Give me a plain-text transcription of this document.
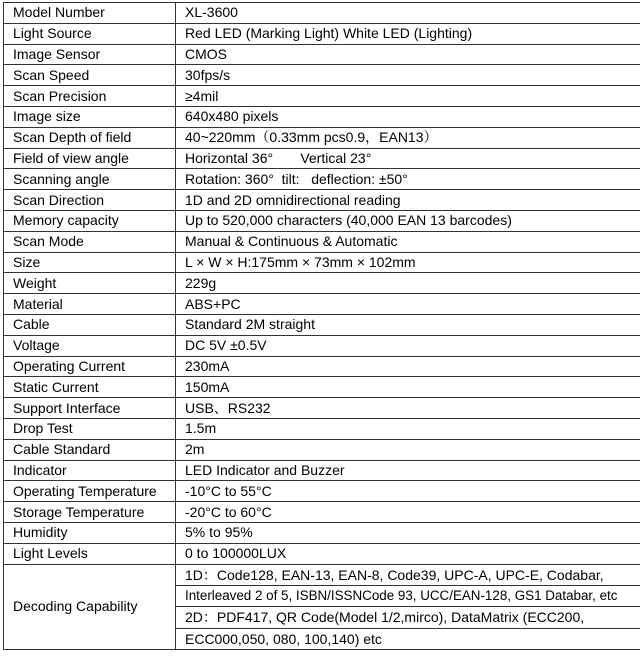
Model Number	XL-3600
Light Source	Red LED (Marking Light) White LED (Lighting)
Image Sensor	CMOS
Scan Speed	30fps/s
Scan Precision	≥4mil
Image size	640x480 pixels
Scan Depth of field	40~220mm（0.33mm pcs0.9，EAN13）
Field of view angle	Horizontal 36°       Vertical 23°
Scanning angle	Rotation: 360°  tilt:   deflection: ±50°
Scan Direction	1D and 2D omnidirectional reading
Memory capacity	Up to 520,000 characters (40,000 EAN 13 barcodes)
Scan Mode	Manual & Continuous & Automatic
Size	L × W × H:175mm × 73mm × 102mm
Weight	229g
Material	ABS+PC
Cable	Standard 2M straight
Voltage	DC 5V ±0.5V
Operating Current	230mA
Static Current	150mA
Support Interface	USB、RS232
Drop Test	1.5m
Cable Standard	2m
Indicator	LED Indicator and Buzzer
Operating Temperature	-10°C to 55°C
Storage Temperature	-20°C to 60°C
Humidity	5% to 95%
Light Levels	0 to 100000LUX
Decoding Capability	1D：Code128, EAN-13, EAN-8, Code39, UPC-A, UPC-E, Codabar,
Interleaved 2 of 5, ISBN/ISSNCode 93, UCC/EAN-128, GS1 Databar, etc
2D：PDF417, QR Code(Model 1/2,mirco), DataMatrix (ECC200,
ECC000,050, 080, 100,140) etc
